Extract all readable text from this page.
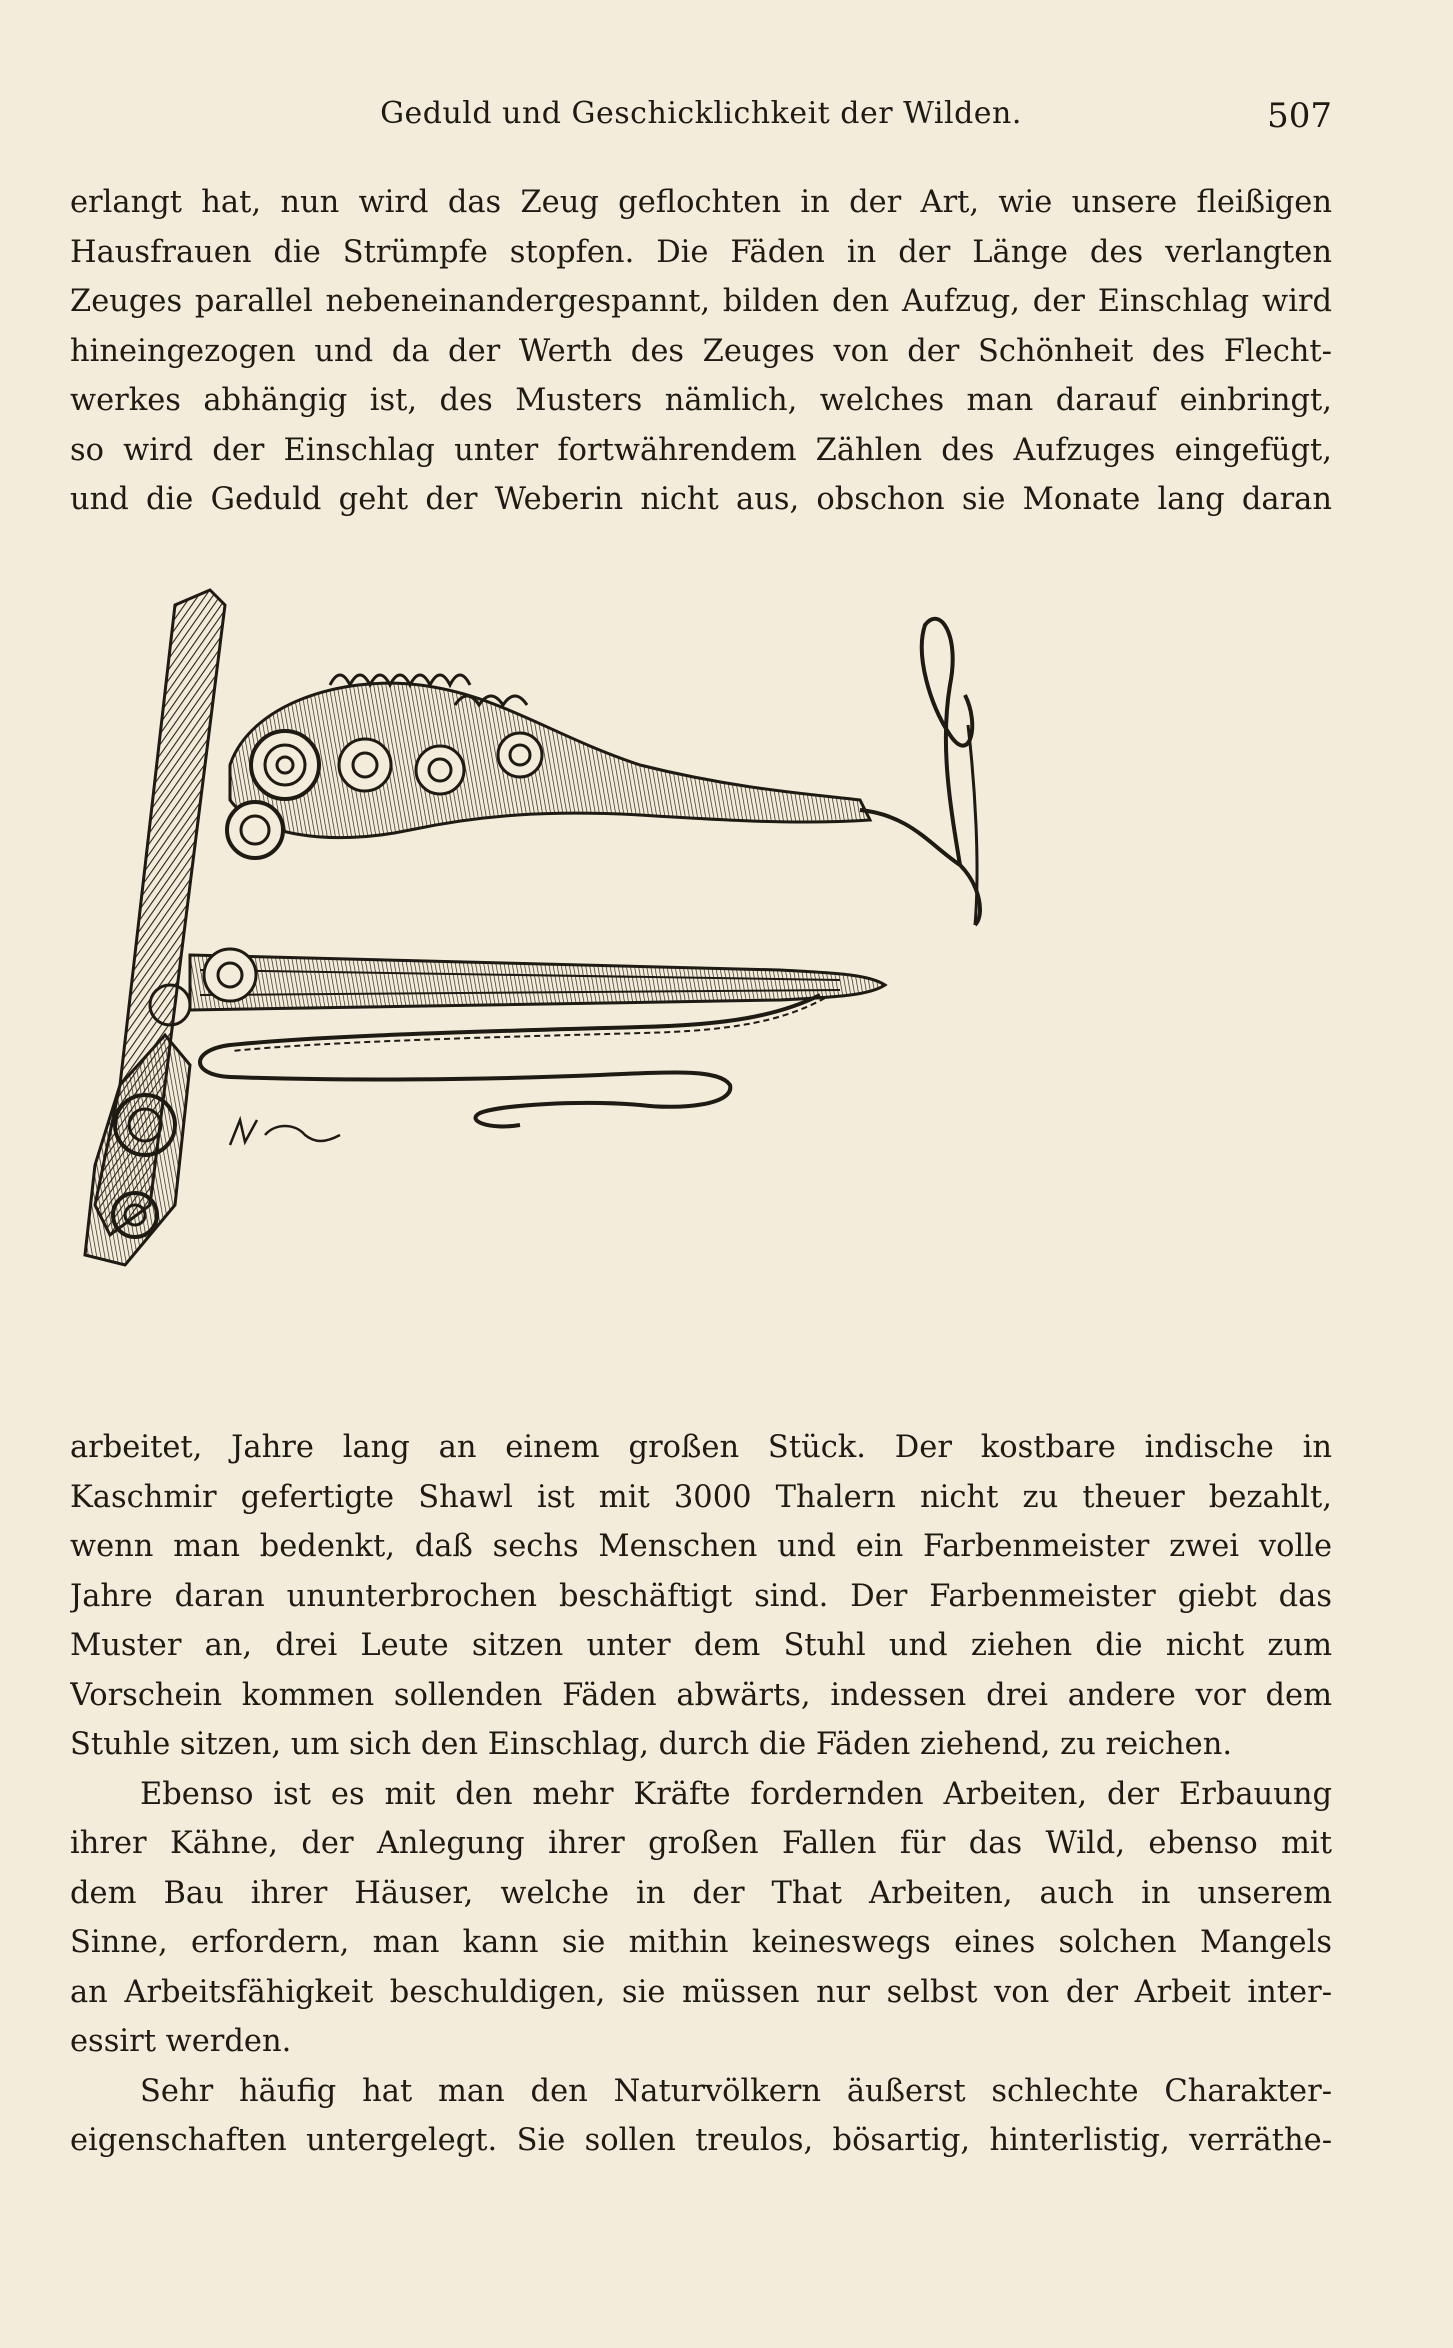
Geduld und Geschicklichkeit der Wilden.	507
erlangt hat, nun wird das Zeug geflochten in der Art, wie unsere fleißigen
Hausfrauen die Strümpfe stopfen. Die Fäden in der Länge des verlangten
Zeuges parallel nebeneinandergespannt, bilden den Aufzug, der Einschlag wird
hineingezogen und da der Werth des Zeuges von der Schönheit des Flecht-
werkes abhängig ist, des Musters nämlich, welches man darauf einbringt,
so wird der Einschlag unter fortwährendem Zählen des Aufzuges eingefügt,
und die Geduld geht der Weberin nicht aus, obschon sie Monate lang daran
arbeitet, Jahre lang an einem großen Stück. Der kostbare indische in
Kaschmir gefertigte Shawl ist mit 3000 Thalern nicht zu theuer bezahlt,
wenn man bedenkt, daß sechs Menschen und ein Farbenmeister zwei volle
Jahre daran ununterbrochen beschäftigt sind. Der Farbenmeister giebt das
Muster an, drei Leute sitzen unter dem Stuhl und ziehen die nicht zum
Vorschein kommen sollenden Fäden abwärts, indessen drei andere vor dem
Stuhle sitzen, um sich den Einschlag, durch die Fäden ziehend, zu reichen.
Ebenso ist es mit den mehr Kräfte fordernden Arbeiten, der Erbauung
ihrer Kähne, der Anlegung ihrer großen Fallen für das Wild, ebenso mit
dem Bau ihrer Häuser, welche in der That Arbeiten, auch in unserem
Sinne, erfordern, man kann sie mithin keineswegs eines solchen Mangels
an Arbeitsfähigkeit beschuldigen, sie müssen nur selbst von der Arbeit inter-
essirt werden.
Sehr häufig hat man den Naturvölkern äußerst schlechte Charakter-
eigenschaften untergelegt. Sie sollen treulos, bösartig, hinterlistig, verräthe-
